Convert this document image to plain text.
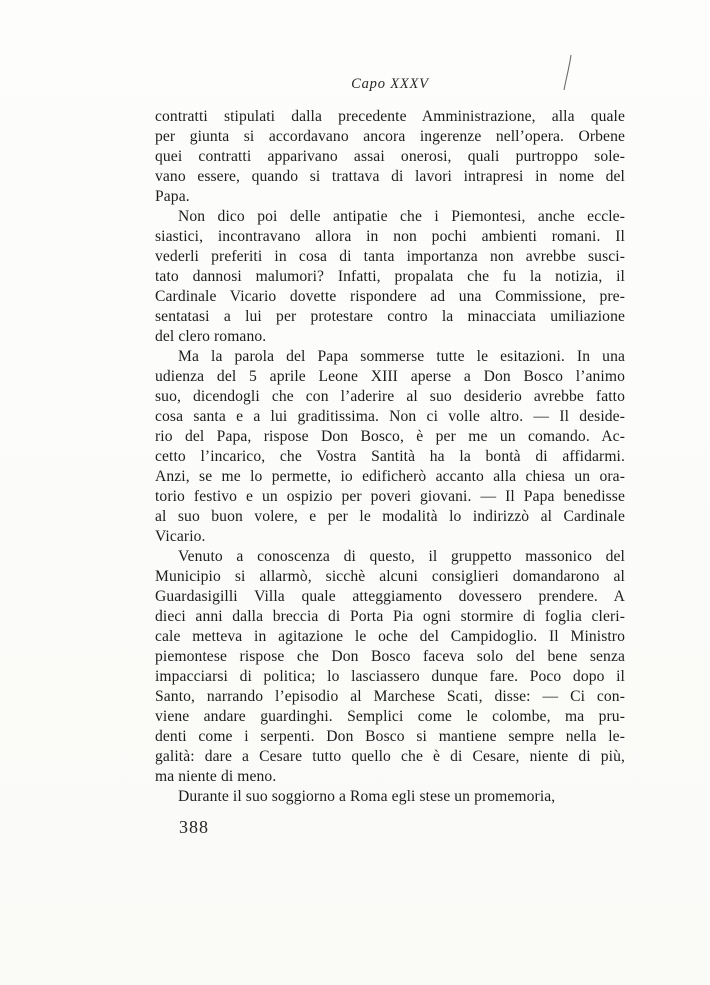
Capo XXXV
contratti stipulati dalla precedente Amministrazione, alla quale
per giunta si accordavano ancora ingerenze nell’opera. Orbene
quei contratti apparivano assai onerosi, quali purtroppo sole-
vano essere, quando si trattava di lavori intrapresi in nome del
Papa.
Non dico poi delle antipatie che i Piemontesi, anche eccle-
siastici, incontravano allora in non pochi ambienti romani. Il
vederli preferiti in cosa di tanta importanza non avrebbe susci-
tato dannosi malumori? Infatti, propalata che fu la notizia, il
Cardinale Vicario dovette rispondere ad una Commissione, pre-
sentatasi a lui per protestare contro la minacciata umiliazione
del clero romano.
Ma la parola del Papa sommerse tutte le esitazioni. In una
udienza del 5 aprile Leone XIII aperse a Don Bosco l’animo
suo, dicendogli che con l’aderire al suo desiderio avrebbe fatto
cosa santa e a lui graditissima. Non ci volle altro. — Il deside-
rio del Papa, rispose Don Bosco, è per me un comando. Ac-
cetto l’incarico, che Vostra Santità ha la bontà di affidarmi.
Anzi, se me lo permette, io edificherò accanto alla chiesa un ora-
torio festivo e un ospizio per poveri giovani. — Il Papa benedisse
al suo buon volere, e per le modalità lo indirizzò al Cardinale
Vicario.
Venuto a conoscenza di questo, il gruppetto massonico del
Municipio si allarmò, sicchè alcuni consiglieri domandarono al
Guardasigilli Villa quale atteggiamento dovessero prendere. A
dieci anni dalla breccia di Porta Pia ogni stormire di foglia cleri-
cale metteva in agitazione le oche del Campidoglio. Il Ministro
piemontese rispose che Don Bosco faceva solo del bene senza
impacciarsi di politica; lo lasciassero dunque fare. Poco dopo il
Santo, narrando l’episodio al Marchese Scati, disse: — Ci con-
viene andare guardinghi. Semplici come le colombe, ma pru-
denti come i serpenti. Don Bosco si mantiene sempre nella le-
galità: dare a Cesare tutto quello che è di Cesare, niente di più,
ma niente di meno.
Durante il suo soggiorno a Roma egli stese un promemoria,
388
